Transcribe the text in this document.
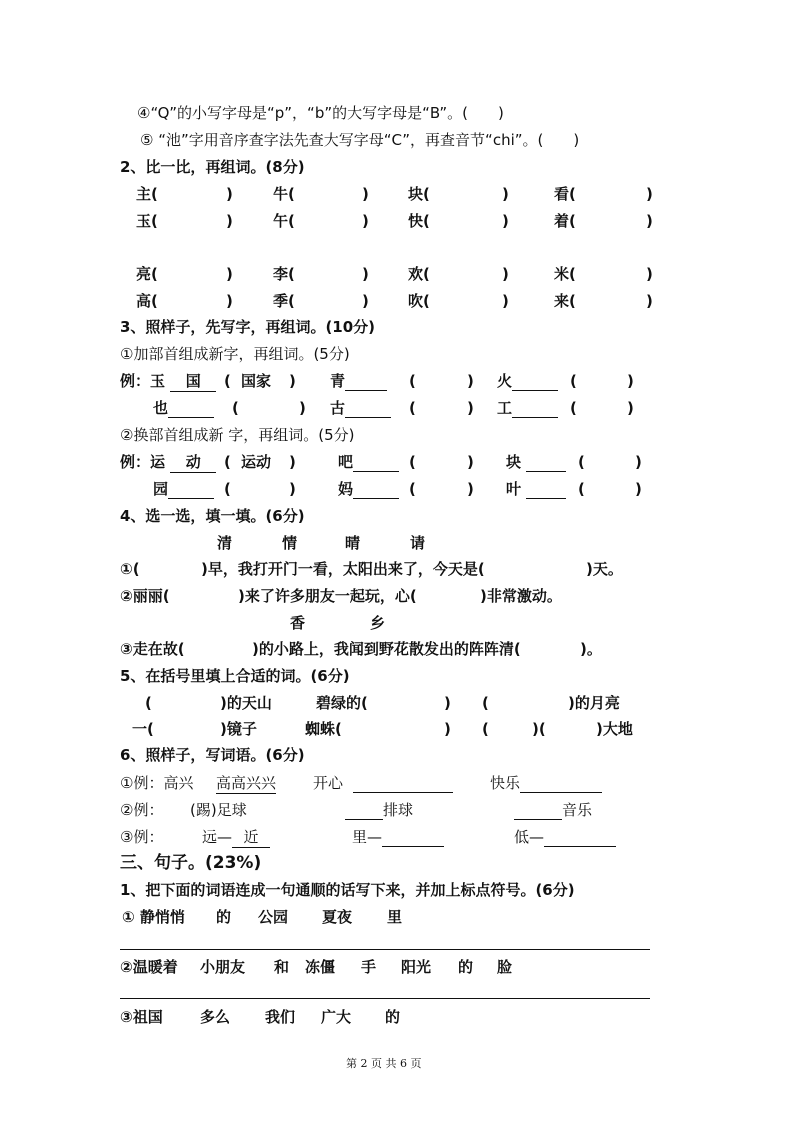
④“Q”的小写字母是“p”，“b”的大写字母是“B”。(　　)
⑤ “池”字用音序查字法先查大写字母“C”，再查音节“chi”。(　　)
2、比一比，再组词。(8分)
主(	)	牛(	)	块(	)	看(	)
玉(	)	午(	)	快(	)	着(	)
亮(	)	李(	)	欢(	)	米(	)
高(	)	季(	)	吹(	)	来(	)
3、照样子，先写字，再组词。(10分)
①加部首组成新字，再组词。(5分)
例：玉 国	( 国家 ) 青	(	) 火	(	)
也	(	) 古	(	) 工	(	)
②换部首组成新 字，再组词。(5分)
例：运 动	( 运动 )	吧	(	) 块	(	)
园	(	)	妈	(	) 叶	(	)
4、选一选，填一填。(6分)
清	情	晴	请
①(	)早，我打开门一看，太阳出来了，今天是(	)天。
②丽丽(	)来了许多朋友一起玩，心(	)非常激动。
香	乡
③走在故(	)的小路上，我闻到野花散发出的阵阵清(	)。
5、在括号里填上合适的词。(6分)
(	)的天山	碧绿的(	) (	)的月亮
一(	)镜子	蜘蛛(	) (	)(	)大地
6、照样子，写词语。(6分)
①例：高兴 高高兴兴 开心	快乐
②例： (踢)足球	排球	音乐
③例：	远— 近	里—	低—
三、句子。(23%)
1、把下面的词语连成一句通顺的话写下来，并加上标点符号。(6分)
① 静悄悄 的 公园 夏夜 里
②温暖着 小朋友 和 冻僵 手 阳光 的 脸
③祖国 多么 我们 广大 的
第 2 页 共 6 页
